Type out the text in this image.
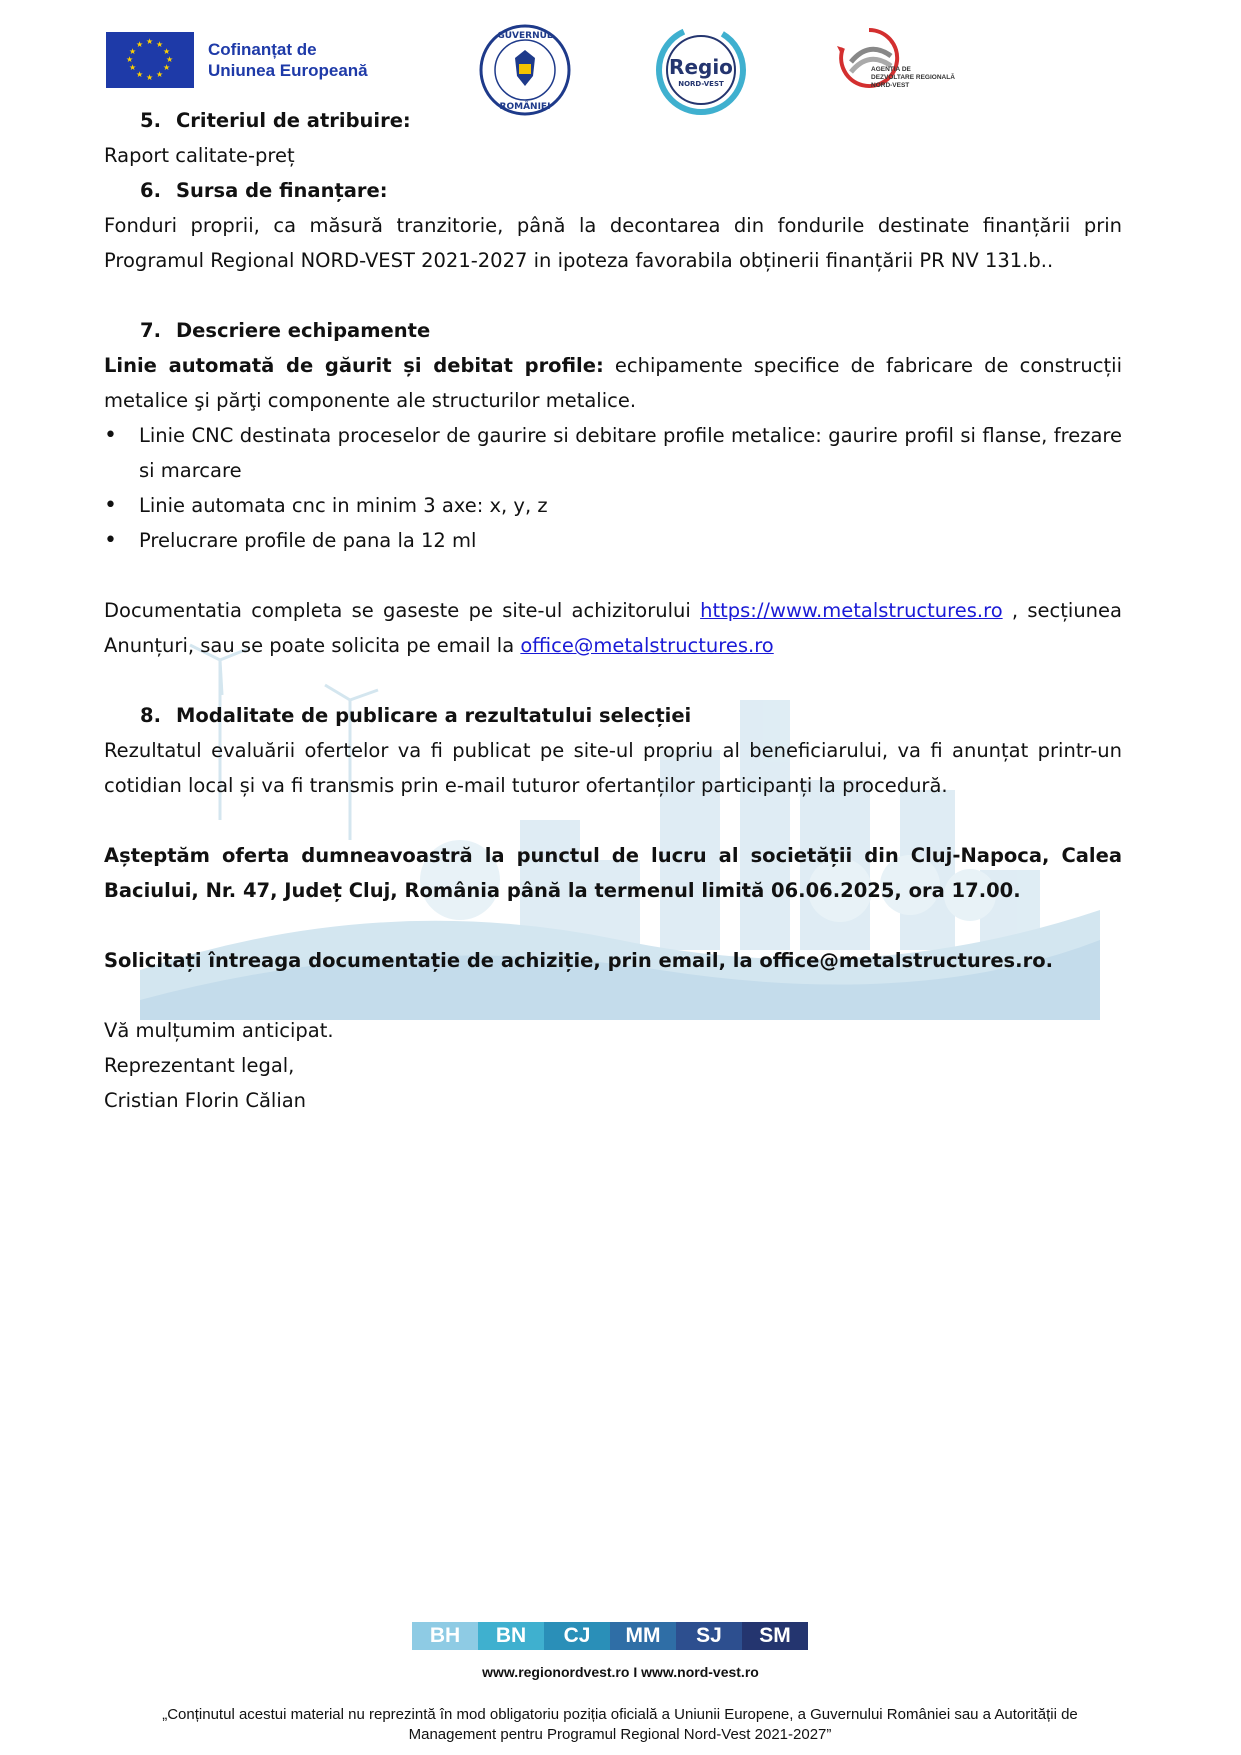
★ ★
★
★
★
★
★
★
★
★
★
★	Cofinanțat de
Uniunea Europeană
GUVERNUL
ROMÂNIEI
Regio
NORD-VEST
AGENȚIA DE
DEZVOLTARE REGIONALĂ
NORD-VEST

5. Criteriul de atribuire:

Raport calitate-preț

6. Sursa de finanțare:

Fonduri proprii, ca măsură tranzitorie, până la decontarea din fondurile destinate finanțării prin Programul Regional NORD-VEST 2021-2027 in ipoteza favorabila obținerii finanțării PR NV 131.b..

7. Descriere echipamente

Linie automată de găurit și debitat profile: echipamente specifice de fabricare de construcții metalice şi părţi componente ale structurilor metalice.

• Linie CNC destinata proceselor de gaurire si debitare profile metalice: gaurire profil si flanse, frezare si marcare
• Linie automata cnc in minim 3 axe: x, y, z
• Prelucrare profile de pana la 12 ml

Documentatia completa se gaseste pe site-ul achizitorului https://www.metalstructures.ro , secțiunea Anunțuri, sau se poate solicita pe email la office@metalstructures.ro

8. Modalitate de publicare a rezultatului selecției

Rezultatul evaluării ofertelor va fi publicat pe site-ul propriu al beneficiarului, va fi anunțat printr-un cotidian local și va fi transmis prin e-mail tuturor ofertanților participanți la procedură.

Așteptăm oferta dumneavoastră la punctul de lucru al societății din Cluj-Napoca, Calea Baciului, Nr. 47, Județ Cluj, România până la termenul limită 06.06.2025, ora 17.00.

Solicitați întreaga documentație de achiziție, prin email, la office@metalstructures.ro.

Vă mulțumim anticipat.

Reprezentant legal,

Cristian Florin Călian

BH	BN	CJ	MM	SJ	SM
www.regionordvest.ro I www.nord-vest.ro
„Conținutul acestui material nu reprezintă în mod obligatoriu poziția oficială a Uniunii Europene, a Guvernului României sau a Autorității de Management pentru Programul Regional Nord-Vest 2021-2027”
